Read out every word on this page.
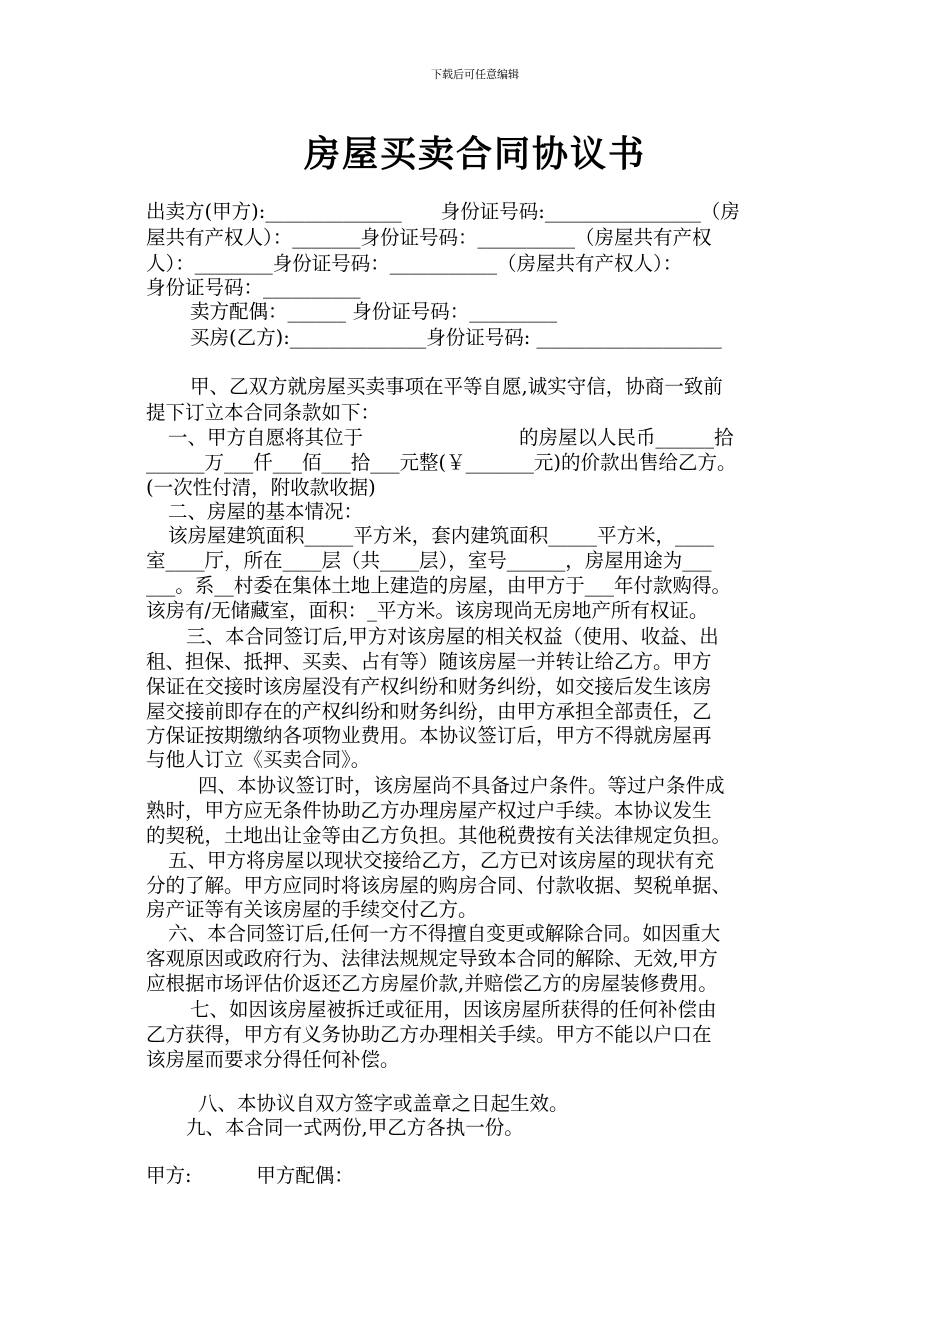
下载后可任意编辑
房屋买卖合同协议书
出卖方(甲方):______________　　身份证号码:________________（房
屋共有产权人）：_______身份证号码：__________（房屋共有产权
人）：________身份证号码：___________（房屋共有产权人）：
身份证号码：__________
卖方配偶：______ 身份证号码：_________
买房(乙方):______________身份证号码: ___________________
甲、乙双方就房屋买卖事项在平等自愿,诚实守信，协商一致前
提下订立本合同条款如下：
一、甲方自愿将其位于　　　　　　　　的房屋以人民币______拾
______万___仟___佰___拾___元整(￥_______元)的价款出售给乙方。
(一次性付清，附收款收据)
二、房屋的基本情况：
该房屋建筑面积_____平方米，套内建筑面积_____平方米，____
室____厅，所在____层（共____层），室号______，房屋用途为___
___。系__村委在集体土地上建造的房屋，由甲方于___年付款购得。
该房有/无储藏室，面积：_平方米。该房现尚无房地产所有权证。
三、本合同签订后,甲方对该房屋的相关权益（使用、收益、出
租、担保、抵押、买卖、占有等）随该房屋一并转让给乙方。甲方
保证在交接时该房屋没有产权纠纷和财务纠纷，如交接后发生该房
屋交接前即存在的产权纠纷和财务纠纷，由甲方承担全部责任，乙
方保证按期缴纳各项物业费用。本协议签订后，甲方不得就房屋再
与他人订立《买卖合同》。
四、本协议签订时，该房屋尚不具备过户条件。等过户条件成
熟时，甲方应无条件协助乙方办理房屋产权过户手续。本协议发生
的契税，土地出让金等由乙方负担。其他税费按有关法律规定负担。
五、甲方将房屋以现状交接给乙方，乙方已对该房屋的现状有充
分的了解。甲方应同时将该房屋的购房合同、付款收据、契税单据、
房产证等有关该房屋的手续交付乙方。
六、本合同签订后,任何一方不得擅自变更或解除合同。如因重大
客观原因或政府行为、法律法规规定导致本合同的解除、无效,甲方
应根据市场评估价返还乙方房屋价款,并赔偿乙方的房屋装修费用。
七、如因该房屋被拆迁或征用，因该房屋所获得的任何补偿由
乙方获得，甲方有义务协助乙方办理相关手续。甲方不能以户口在
该房屋而要求分得任何补偿。
八、本协议自双方签字或盖章之日起生效。
九、本合同一式两份,甲乙方各执一份。
甲方:　　　 甲方配偶：
